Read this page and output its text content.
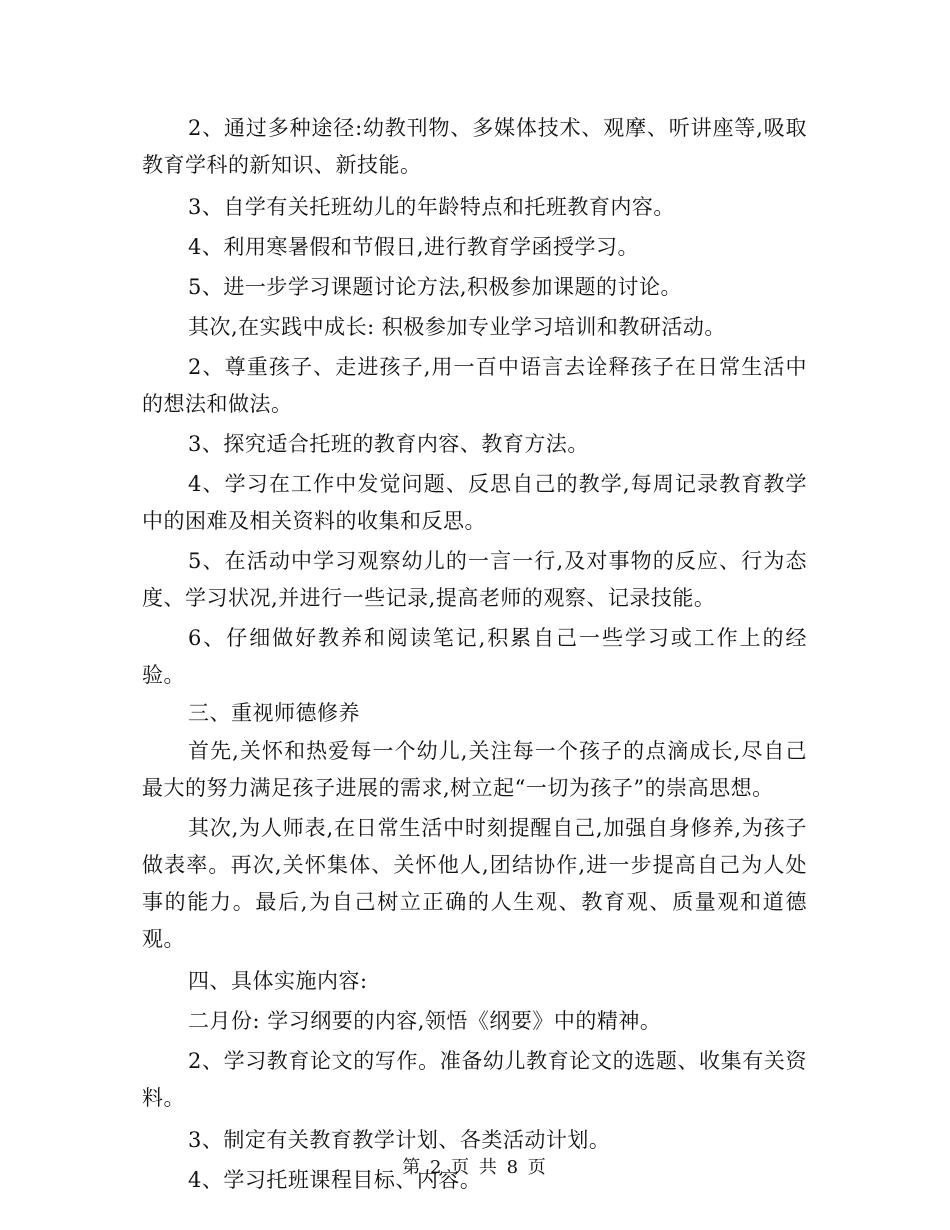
2、通过多种途径:幼教刊物、多媒体技术、观摩、听讲座等,吸取教育学科的新知识、新技能。

3、自学有关托班幼儿的年龄特点和托班教育内容。

4、利用寒暑假和节假日,进行教育学函授学习。

5、进一步学习课题讨论方法,积极参加课题的讨论。

其次,在实践中成长: 积极参加专业学习培训和教研活动。

2、尊重孩子、走进孩子,用一百中语言去诠释孩子在日常生活中的想法和做法。

3、探究适合托班的教育内容、教育方法。

4、学习在工作中发觉问题、反思自己的教学,每周记录教育教学中的困难及相关资料的收集和反思。

5、在活动中学习观察幼儿的一言一行,及对事物的反应、行为态度、学习状况,并进行一些记录,提高老师的观察、记录技能。

6、仔细做好教养和阅读笔记,积累自己一些学习或工作上的经验。

三、重视师德修养

首先,关怀和热爱每一个幼儿,关注每一个孩子的点滴成长,尽自己最大的努力满足孩子进展的需求,树立起“一切为孩子”的崇高思想。

其次,为人师表,在日常生活中时刻提醒自己,加强自身修养,为孩子做表率。再次,关怀集体、关怀他人,团结协作,进一步提高自己为人处事的能力。最后,为自己树立正确的人生观、教育观、质量观和道德观。

四、具体实施内容:

二月份: 学习纲要的内容,领悟《纲要》中的精神。

2、学习教育论文的写作。准备幼儿教育论文的选题、收集有关资料。

3、制定有关教育教学计划、各类活动计划。

4、学习托班课程目标、内容。

第 2 页 共 8 页
